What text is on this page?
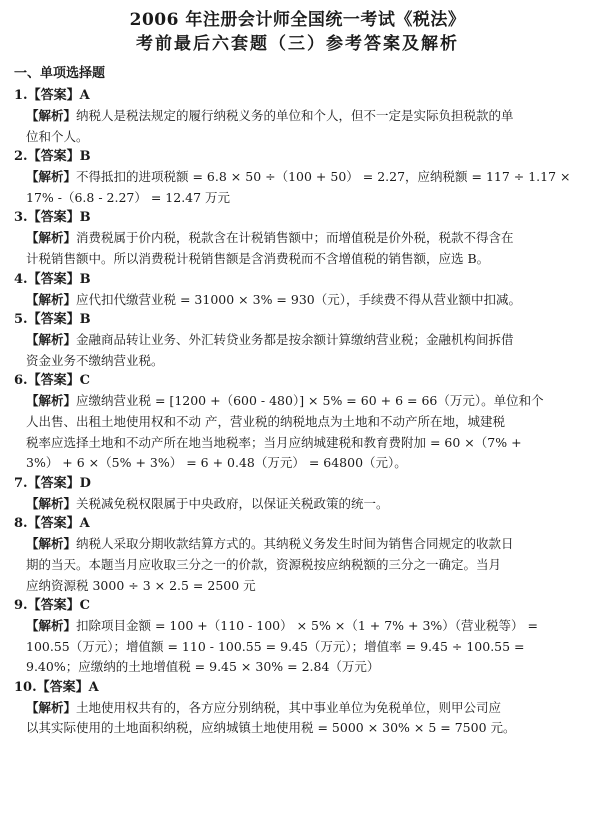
2006 年注册会计师全国统一考试《税法》
考前最后六套题（三）参考答案及解析
一、单项选择题
1.【答案】A

【解析】纳税人是税法规定的履行纳税义务的单位和个人，但不一定是实际负担税款的单

位和个人。

2.【答案】B

【解析】不得抵扣的进项税额 = 6.8 × 50 ÷（100 + 50） = 2.27，应纳税额 = 117 ÷ 1.17 ×

17% -（6.8 - 2.27） = 12.47 万元

3.【答案】B

【解析】消费税属于价内税，税款含在计税销售额中；而增值税是价外税，税款不得含在

计税销售额中。所以消费税计税销售额是含消费税而不含增值税的销售额，应选 B。

4.【答案】B

【解析】应代扣代缴营业税 = 31000 × 3% = 930（元），手续费不得从营业额中扣减。

5.【答案】B

【解析】金融商品转让业务、外汇转贷业务都是按余额计算缴纳营业税；金融机构间拆借

资金业务不缴纳营业税。

6.【答案】C

【解析】应缴纳营业税 = [1200 +（600 - 480）] × 5% = 60 + 6 = 66（万元）。单位和个

人出售、出租土地使用权和不动 产，营业税的纳税地点为土地和不动产所在地，城建税

税率应选择土地和不动产所在地当地税率；当月应纳城建税和教育费附加 = 60 ×（7% +

3%） + 6 ×（5% + 3%） = 6 + 0.48（万元） = 64800（元）。

7.【答案】D

【解析】关税减免税权限属于中央政府，以保证关税政策的统一。

8.【答案】A

【解析】纳税人采取分期收款结算方式的。其纳税义务发生时间为销售合同规定的收款日

期的当天。本题当月应收取三分之一的价款，资源税按应纳税额的三分之一确定。当月

应纳资源税 3000 ÷ 3 × 2.5 = 2500 元

9.【答案】C

【解析】扣除项目金额 = 100 +（110 - 100） × 5% ×（1 + 7% + 3%）（营业税等） =

100.55（万元）；增值额 = 110 - 100.55 = 9.45（万元）；增值率 = 9.45 ÷ 100.55 =

9.40%；应缴纳的土地增值税 = 9.45 × 30% = 2.84（万元）

10.【答案】A

【解析】土地使用权共有的，各方应分别纳税，其中事业单位为免税单位，则甲公司应

以其实际使用的土地面积纳税，应纳城镇土地使用税 = 5000 × 30% × 5 = 7500 元。
